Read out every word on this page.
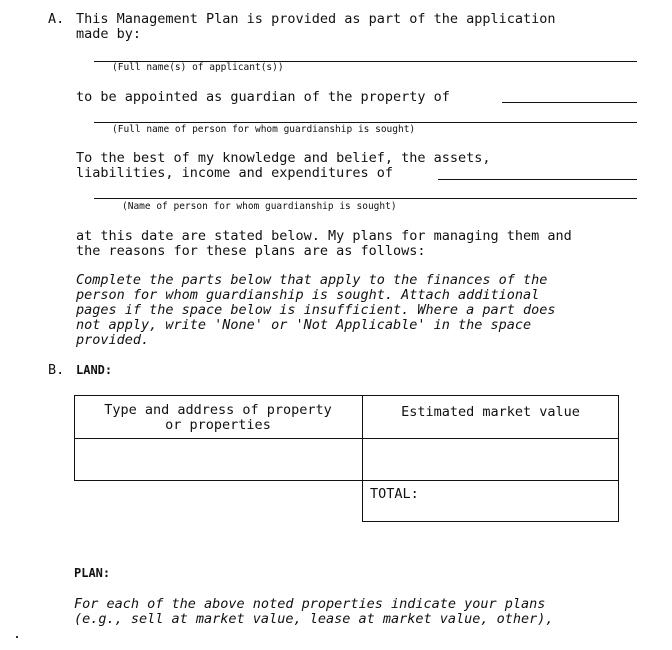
A. This Management Plan is provided as part of the application
made by:
(Full name(s) of applicant(s))
to be appointed as guardian of the property of
(Full name of person for whom guardianship is sought)
To the best of my knowledge and belief, the assets,
liabilities, income and expenditures of
(Name of person for whom guardianship is sought)
at this date are stated below. My plans for managing them and
the reasons for these plans are as follows:
Complete the parts below that apply to the finances of the
person for whom guardianship is sought. Attach additional
pages if the space below is insufficient. Where a part does
not apply, write 'None' or 'Not Applicable' in the space
provided.
B. LAND:
Type and address of property
or properties
Estimated market value
TOTAL:
PLAN:
For each of the above noted properties indicate your plans
(e.g., sell at market value, lease at market value, other),
